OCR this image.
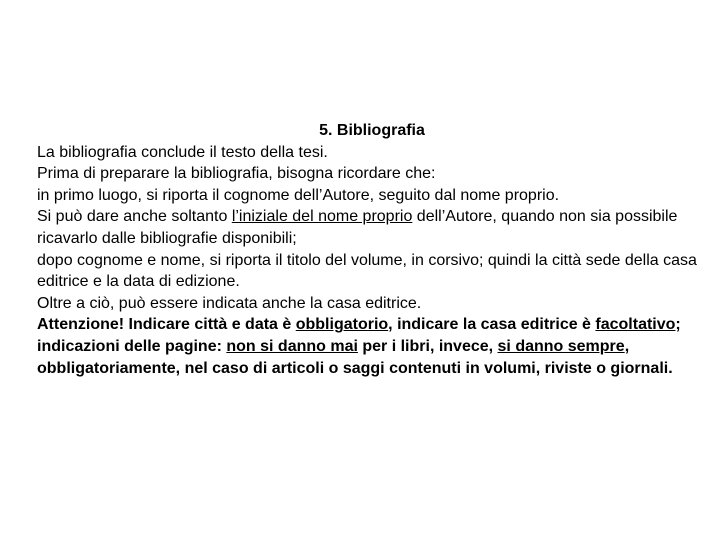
5. Bibliografia

La bibliografia conclude il testo della tesi.

Prima di preparare la bibliografia, bisogna ricordare che:

in primo luogo, si riporta il cognome dell’Autore, seguito dal nome proprio.

Si può dare anche soltanto l’iniziale del nome proprio dell’Autore, quando non sia possibile ricavarlo dalle bibliografie disponibili;

dopo cognome e nome, si riporta il titolo del volume, in corsivo; quindi la città sede della casa editrice e la data di edizione.

Oltre a ciò, può essere indicata anche la casa editrice.

Attenzione! Indicare città e data è obbligatorio, indicare la casa editrice è facoltativo;

indicazioni delle pagine: non si danno mai per i libri, invece, si danno sempre, obbligatoriamente, nel caso di articoli o saggi contenuti in volumi, riviste o giornali.
